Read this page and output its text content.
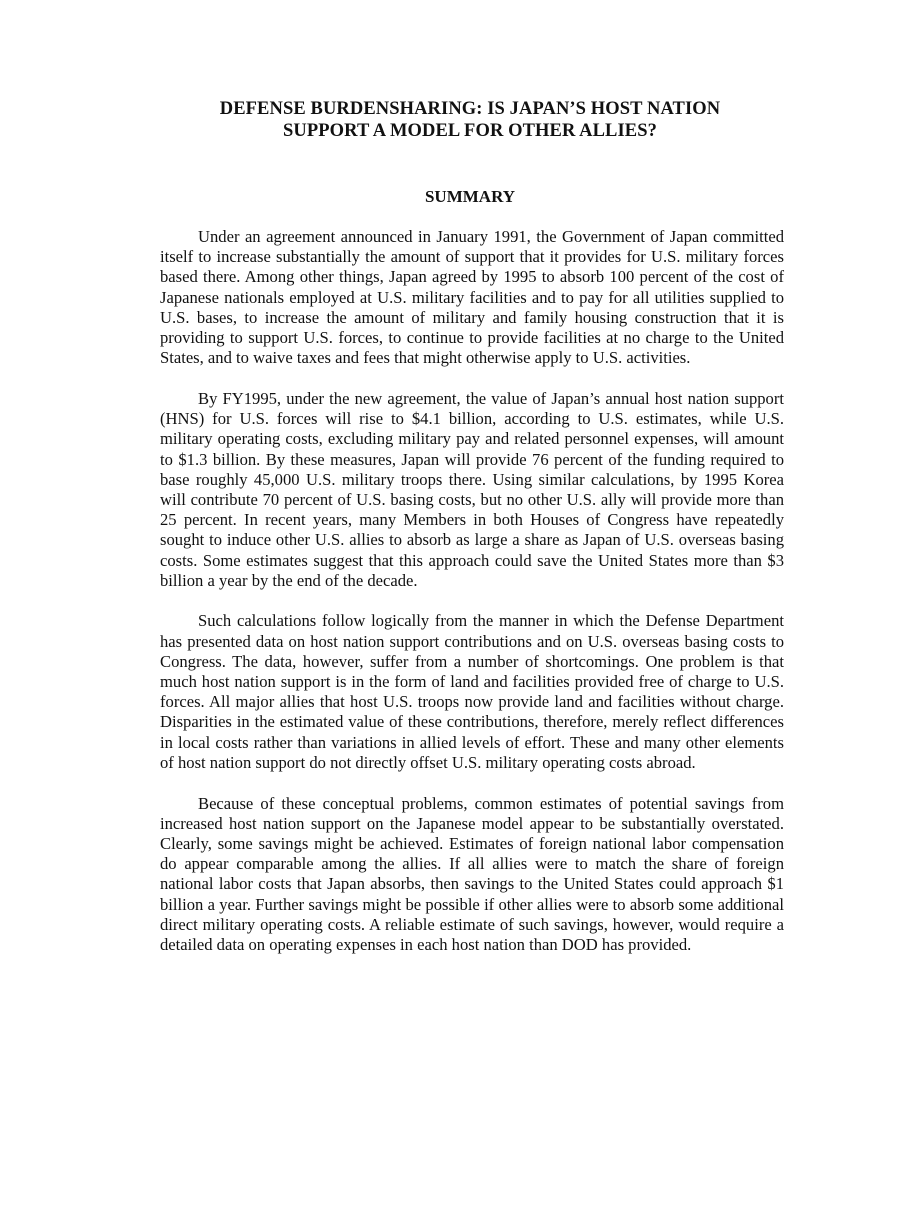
DEFENSE BURDENSHARING: IS JAPAN’S HOST NATION
SUPPORT A MODEL FOR OTHER ALLIES?
SUMMARY

Under an agreement announced in January 1991, the Government of Japan committed itself to increase substantially the amount of support that it provides for U.S. military forces based there. Among other things, Japan agreed by 1995 to absorb 100 percent of the cost of Japanese nationals employed at U.S. military facilities and to pay for all utilities supplied to U.S. bases, to increase the amount of military and family housing construction that it is providing to support U.S. forces, to continue to provide facilities at no charge to the United States, and to waive taxes and fees that might otherwise apply to U.S. activities.

By FY1995, under the new agreement, the value of Japan’s annual host nation support (HNS) for U.S. forces will rise to $4.1 billion, according to U.S. estimates, while U.S. military operating costs, excluding military pay and related personnel expenses, will amount to $1.3 billion. By these measures, Japan will provide 76 percent of the funding required to base roughly 45,000 U.S. military troops there. Using similar calculations, by 1995 Korea will contribute 70 percent of U.S. basing costs, but no other U.S. ally will provide more than 25 percent. In recent years, many Members in both Houses of Congress have repeatedly sought to induce other U.S. allies to absorb as large a share as Japan of U.S. overseas basing costs. Some estimates suggest that this approach could save the United States more than $3 billion a year by the end of the decade.

Such calculations follow logically from the manner in which the Defense Department has presented data on host nation support contributions and on U.S. overseas basing costs to Congress. The data, however, suffer from a number of shortcomings. One problem is that much host nation support is in the form of land and facilities provided free of charge to U.S. forces. All major allies that host U.S. troops now provide land and facilities without charge. Disparities in the estimated value of these contributions, therefore, merely reflect differences in local costs rather than variations in allied levels of effort. These and many other elements of host nation support do not directly offset U.S. military operating costs abroad.

Because of these conceptual problems, common estimates of potential savings from increased host nation support on the Japanese model appear to be substantially overstated. Clearly, some savings might be achieved. Estimates of foreign national labor compensation do appear comparable among the allies. If all allies were to match the share of foreign national labor costs that Japan absorbs, then savings to the United States could approach $1 billion a year. Further savings might be possible if other allies were to absorb some additional direct military operating costs. A reliable estimate of such savings, however, would require a detailed data on operating expenses in each host nation than DOD has provided.
